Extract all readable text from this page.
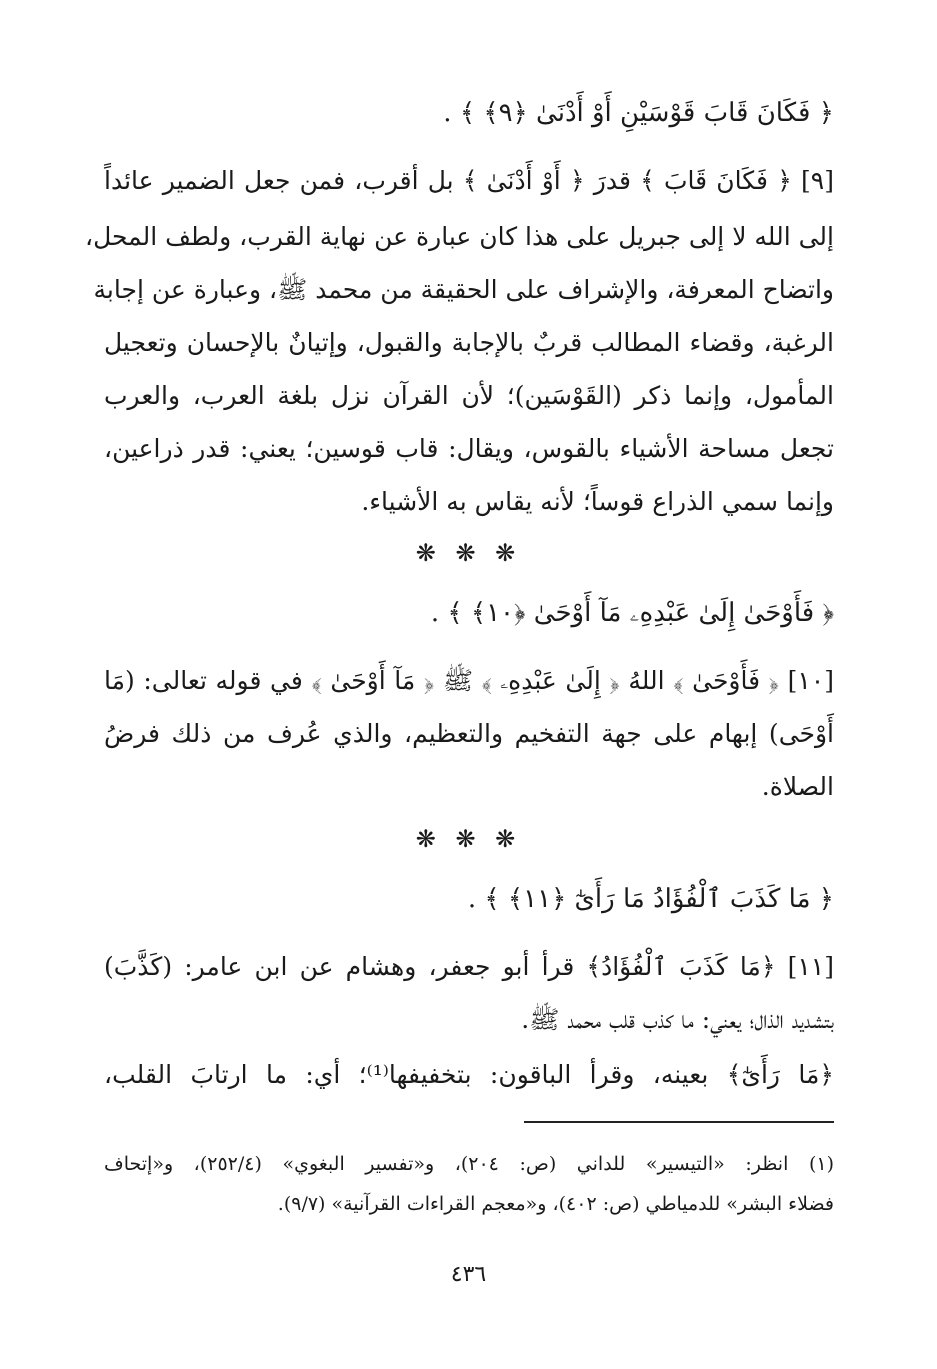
﴿ فَكَانَ قَابَ قَوْسَيْنِ أَوْ أَدْنَىٰ ﴿٩﴾ ﴾ .
[٩] ﴿ فَكَانَ قَابَ ﴾ قدرَ ﴿ أَوْ أَدْنَىٰ ﴾ بل أقرب، فمن جعل الضمير عائداً
إلى الله لا إلى جبريل على هذا كان عبارة عن نهاية القرب، ولطف المحل،
واتضاح المعرفة، والإشراف على الحقيقة من محمد ﷺ، وعبارة عن إجابة
الرغبة، وقضاء المطالب قربٌ بالإجابة والقبول، وإتيانٌ بالإحسان وتعجيل
المأمول، وإنما ذكر (القَوْسَين)؛ لأن القرآن نزل بلغة العرب، والعرب
تجعل مساحة الأشياء بالقوس، ويقال: قاب قوسين؛ يعني: قدر ذراعين،
وإنما سمي الذراع قوساً؛ لأنه يقاس به الأشياء.
❋ ❋ ❋
﴿ فَأَوْحَىٰ إِلَىٰ عَبْدِهِۦ مَآ أَوْحَىٰ ﴿١٠﴾ ﴾ .
[١٠] ﴿ فَأَوْحَىٰ ﴾ اللهُ ﴿ إِلَىٰ عَبْدِهِۦ ﴾ ﷺ ﴿ مَآ أَوْحَىٰ ﴾ في قوله تعالى: (مَا
أَوْحَى) إبهام على جهة التفخيم والتعظيم، والذي عُرف من ذلك فرضُ
الصلاة.
❋ ❋ ❋
﴿ مَا كَذَبَ ٱلْفُؤَادُ مَا رَأَىٰٓ ﴿١١﴾ ﴾ .
[١١] ﴿مَا كَذَبَ ٱلْفُؤَادُ﴾ قرأ أبو جعفر، وهشام عن ابن عامر: (كَذَّبَ)
بتشديد الذال؛ يعني: ما كذب قلب محمد ﷺ.
﴿مَا رَأَىٰٓ﴾ بعينه، وقرأ الباقون: بتخفيفها⁽¹⁾؛ أي: ما ارتابَ القلب،
(١) انظر: «التيسير» للداني (ص: ٢٠٤)، و«تفسير البغوي» (٢٥٢/٤)، و«إتحاف
فضلاء البشر» للدمياطي (ص: ٤٠٢)، و«معجم القراءات القرآنية» (٩/٧).
٤٣٦
